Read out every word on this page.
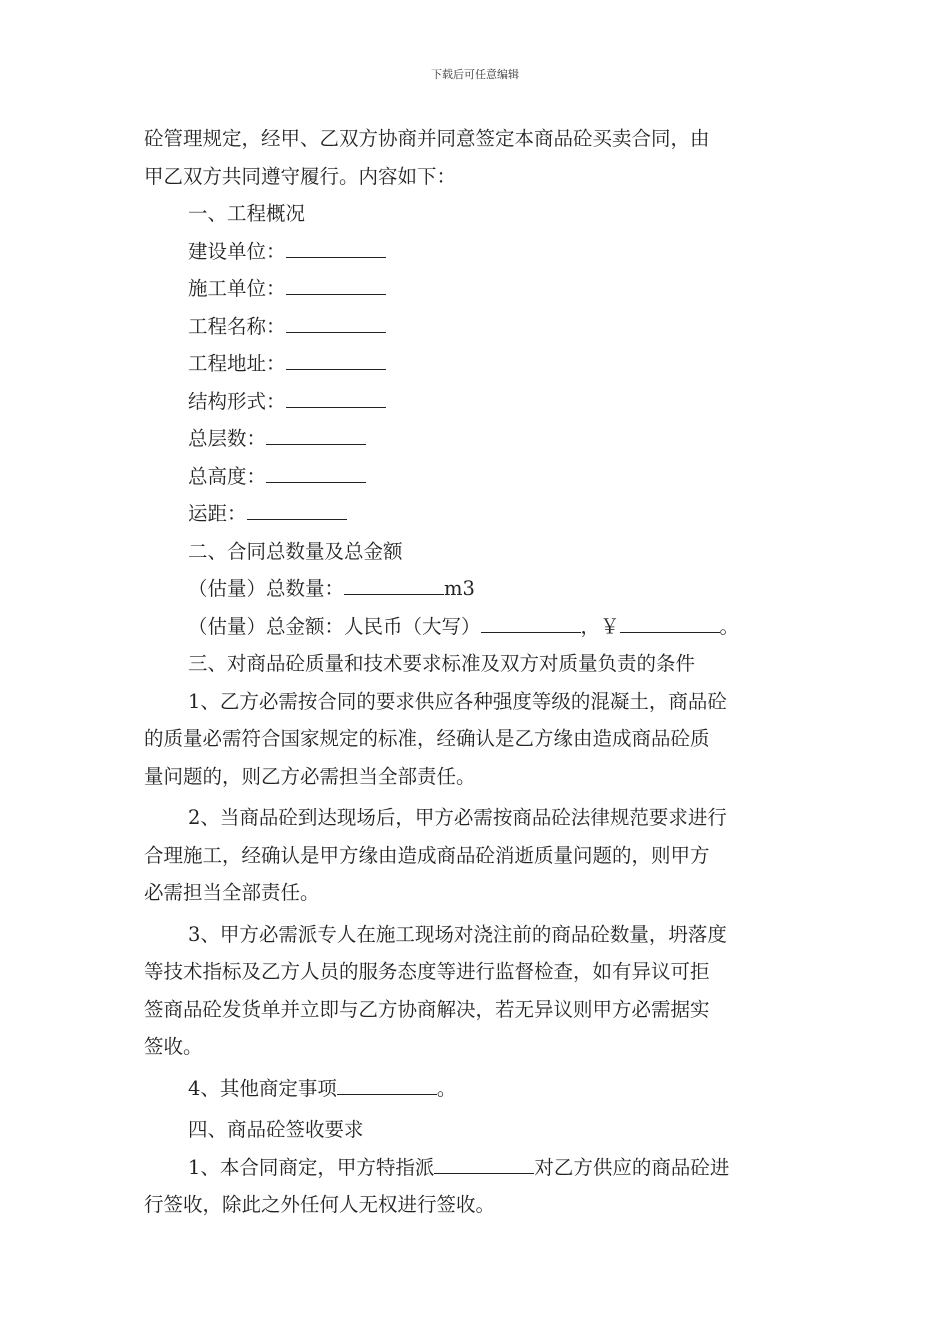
下载后可任意编辑

砼管理规定，经甲、乙双方协商并同意签定本商品砼买卖合同，由

甲乙双方共同遵守履行。内容如下：

一、工程概况

建设单位：

施工单位：

工程名称：

工程地址：

结构形式：

总层数：

总高度：

运距：

二、合同总数量及总金额

（估量）总数量：	m3

（估量）总金额：人民币（大写）	，￥	。

三、对商品砼质量和技术要求标准及双方对质量负责的条件

1、乙方必需按合同的要求供应各种强度等级的混凝土，商品砼

的质量必需符合国家规定的标准，经确认是乙方缘由造成商品砼质

量问题的，则乙方必需担当全部责任。

2、当商品砼到达现场后，甲方必需按商品砼法律规范要求进行

合理施工，经确认是甲方缘由造成商品砼消逝质量问题的，则甲方

必需担当全部责任。

3、甲方必需派专人在施工现场对浇注前的商品砼数量，坍落度

等技术指标及乙方人员的服务态度等进行监督检查，如有异议可拒

签商品砼发货单并立即与乙方协商解决，若无异议则甲方必需据实

签收。

4、其他商定事项	。

四、商品砼签收要求

1、本合同商定，甲方特指派	对乙方供应的商品砼进

行签收，除此之外任何人无权进行签收。
